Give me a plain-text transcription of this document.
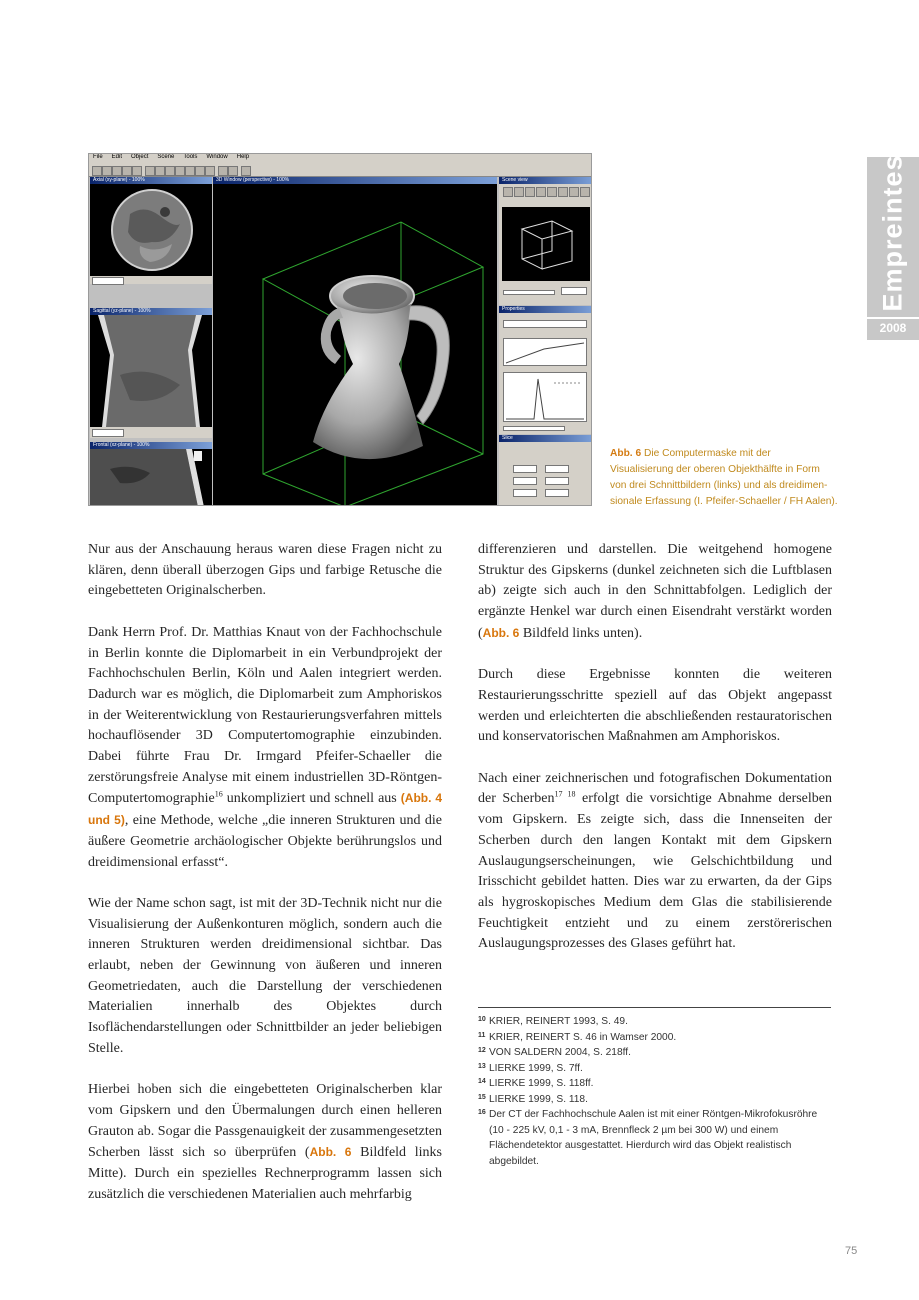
Empreintes
2008
File Edit Object Scene Tools Window Help
Axial (xy-plane) - 100%
Sagittal (yz-plane) - 100%
Frontal (xz-plane) - 100%
3D Window (perspective) - 100%	Scene view
Properties
Slice
Abb. 6 Die Computermaske mit der
Visualisierung der oberen Objekthälfte in Form
von drei Schnittbildern (links) und als dreidimen-
sionale Erfassung (I. Pfeifer-Schaeller / FH Aalen).

Nur aus der Anschauung heraus waren diese Fragen nicht zu klären, denn überall überzogen Gips und farbige Retusche die eingebetteten Originalscherben.

Dank Herrn Prof. Dr. Matthias Knaut von der Fachhochschule in Berlin konnte die Diplomarbeit in ein Verbundprojekt der Fachhochschulen Berlin, Köln und Aalen integriert werden. Dadurch war es möglich, die Diplomarbeit zum Amphoriskos in der Weiterentwicklung von Restaurierungsverfahren mittels hochauflösender 3D Computertomographie einzubinden. Dabei führte Frau Dr. Irmgard Pfeifer-Schaeller die zerstörungsfreie Analyse mit einem industriellen 3D-Röntgen-Computertomographie$^{16}$ unkompliziert und schnell aus (Abb. 4 und 5), eine Methode, welche „die inneren Strukturen und die äußere Geometrie archäologischer Objekte berührungslos und dreidimensional erfasst“.

Wie der Name schon sagt, ist mit der 3D-Technik nicht nur die Visualisierung der Außenkonturen möglich, sondern auch die inneren Strukturen werden dreidimensional sichtbar. Das erlaubt, neben der Gewinnung von äußeren und inneren Geometriedaten, auch die Darstellung der verschiedenen Materialien innerhalb des Objektes durch Isoflächendarstellungen oder Schnittbilder an jeder beliebigen Stelle.

Hierbei hoben sich die eingebetteten Originalscherben klar vom Gipskern und den Übermalungen durch einen helleren Grauton ab. Sogar die Passgenauigkeit der zusammengesetzten Scherben lässt sich so überprüfen (Abb. 6 Bildfeld links Mitte). Durch ein spezielles Rechnerprogramm lassen sich zusätzlich die verschiedenen Materialien auch mehrfarbig

differenzieren und darstellen. Die weitgehend homogene Struktur des Gipskerns (dunkel zeichneten sich die Luftblasen ab) zeigte sich auch in den Schnittabfolgen. Lediglich der ergänzte Henkel war durch einen Eisendraht verstärkt worden (Abb. 6 Bildfeld links unten).

Durch diese Ergebnisse konnten die weiteren Restaurierungsschritte speziell auf das Objekt angepasst werden und erleichterten die abschließenden restauratorischen und konservatorischen Maßnahmen am Amphoriskos.

Nach einer zeichnerischen und fotografischen Dokumentation der Scherben$^{17 18}$ erfolgt die vorsichtige Abnahme derselben vom Gipskern. Es zeigte sich, dass die Innenseiten der Scherben durch den langen Kontakt mit dem Gipskern Auslaugungserscheinungen, wie Gelschichtbildung und Irisschicht gebildet hatten. Dies war zu erwarten, da der Gips als hygroskopisches Medium dem Glas die stabilisierende Feuchtigkeit entzieht und zu einem zerstörerischen Auslaugungsprozesses des Glases geführt hat.

10 KRIER, REINERT 1993, S. 49.
11 KRIER, REINERT S. 46 in Wamser 2000.
12 VON SALDERN 2004, S. 218ff.
13 LIERKE 1999, S. 7ff.
14 LIERKE 1999, S. 118ff.
15 LIERKE 1999, S. 118.
16 Der CT der Fachhochschule Aalen ist mit einer Röntgen-Mikrofokusröhre (10 - 225 kV, 0,1 - 3 mA, Brennfleck 2 µm bei 300 W) und einem Flächendetektor ausgestattet. Hierdurch wird das Objekt realistisch abgebildet.
75
